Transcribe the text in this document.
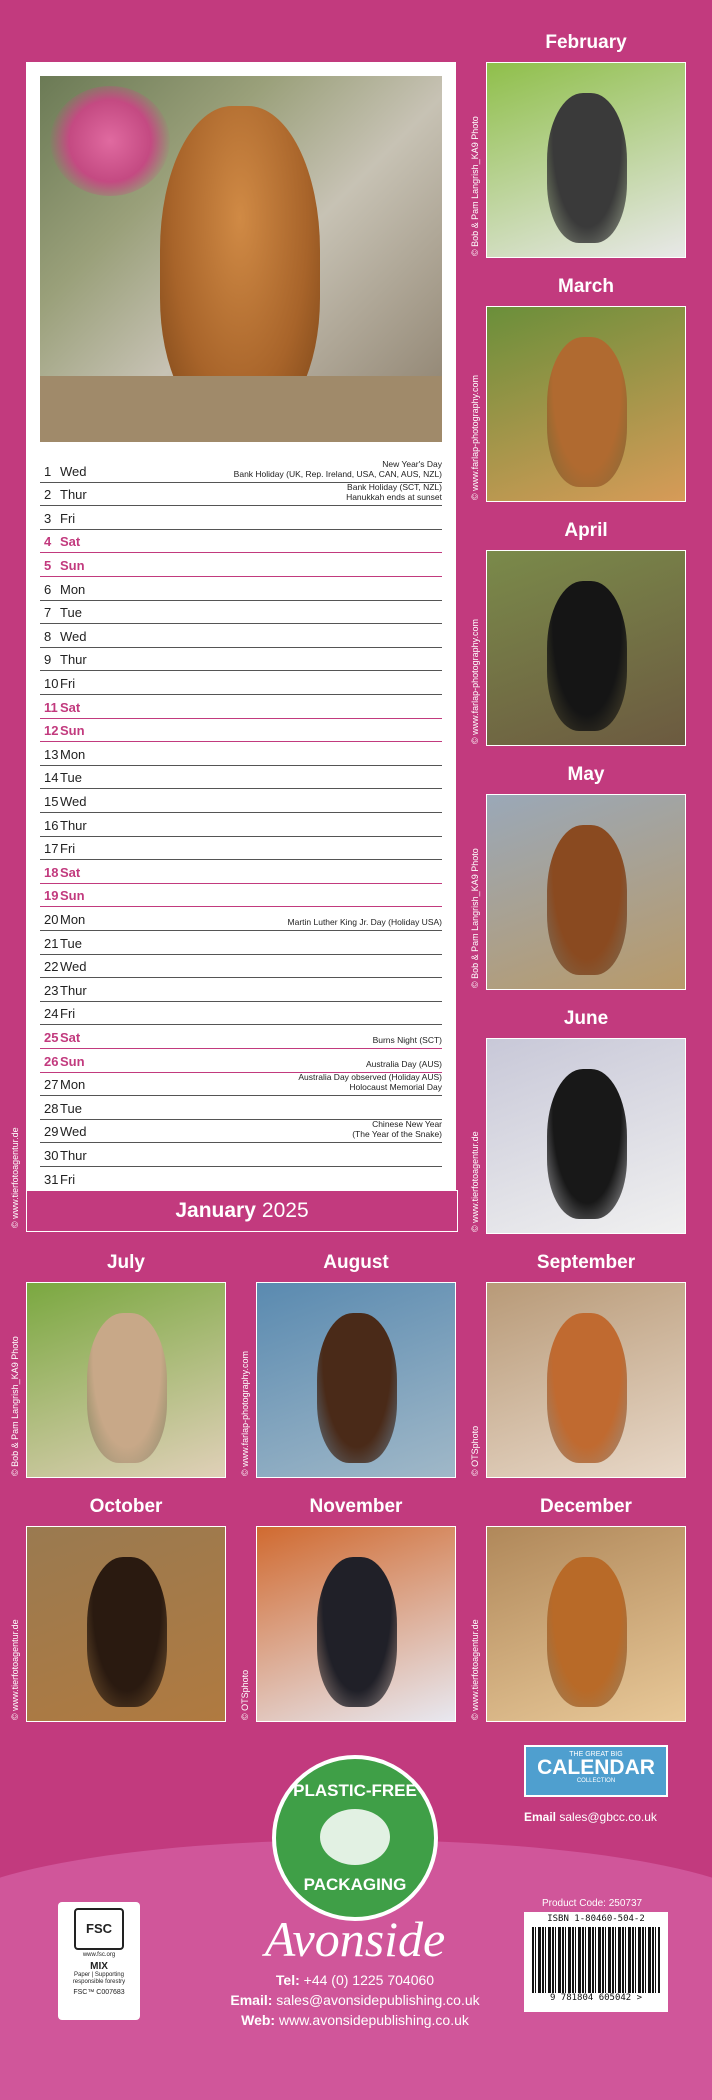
1 Wed	New Year's Day
Bank Holiday (UK, Rep. Ireland, USA, CAN, AUS, NZL)
2 Thur	Bank Holiday (SCT, NZL)
Hanukkah ends at sunset
3 Fri
4 Sat
5 Sun
6 Mon
7 Tue
8 Wed
9 Thur
10 Fri
11 Sat
12 Sun
13 Mon
14 Tue
15 Wed
16 Thur
17 Fri
18 Sat
19 Sun
20 Mon	Martin Luther King Jr. Day (Holiday USA)
21 Tue
22 Wed
23 Thur
24 Fri
25 Sat	Burns Night (SCT)
26 Sun	Australia Day (AUS)
27 Mon	Australia Day observed (Holiday AUS)
Holocaust Memorial Day
28 Tue
29 Wed	Chinese New Year
(The Year of the Snake)
30 Thur
31 Fri
January 2025
© www.tierfotoagentur.de
February
© Bob & Pam Langrish_KA9 Photo
March
© www.farlap-photography.com
April
© www.farlap-photography.com
May
© Bob & Pam Langrish_KA9 Photo
June
© www.tierfotoagentur.de
July
© Bob & Pam Langrish_KA9 Photo
August
© www.farlap-photography.com
September
© OTSphoto
October
© www.tierfotoagentur.de
November
© OTSphoto
December
© www.tierfotoagentur.de
PLASTIC-FREE
PACKAGING
THE GREAT BIG
CALENDAR
COLLECTION
Email sales@gbcc.co.uk
FSC
www.fsc.org
MIX
Paper | Supporting responsible forestry
FSC™ C007683
Avonside
Tel: +44 (0) 1225 704060
Email: sales@avonsidepublishing.co.uk
Web: www.avonsidepublishing.co.uk
Product Code: 250737
ISBN 1-80460-504-2
9 781804 605042 >
